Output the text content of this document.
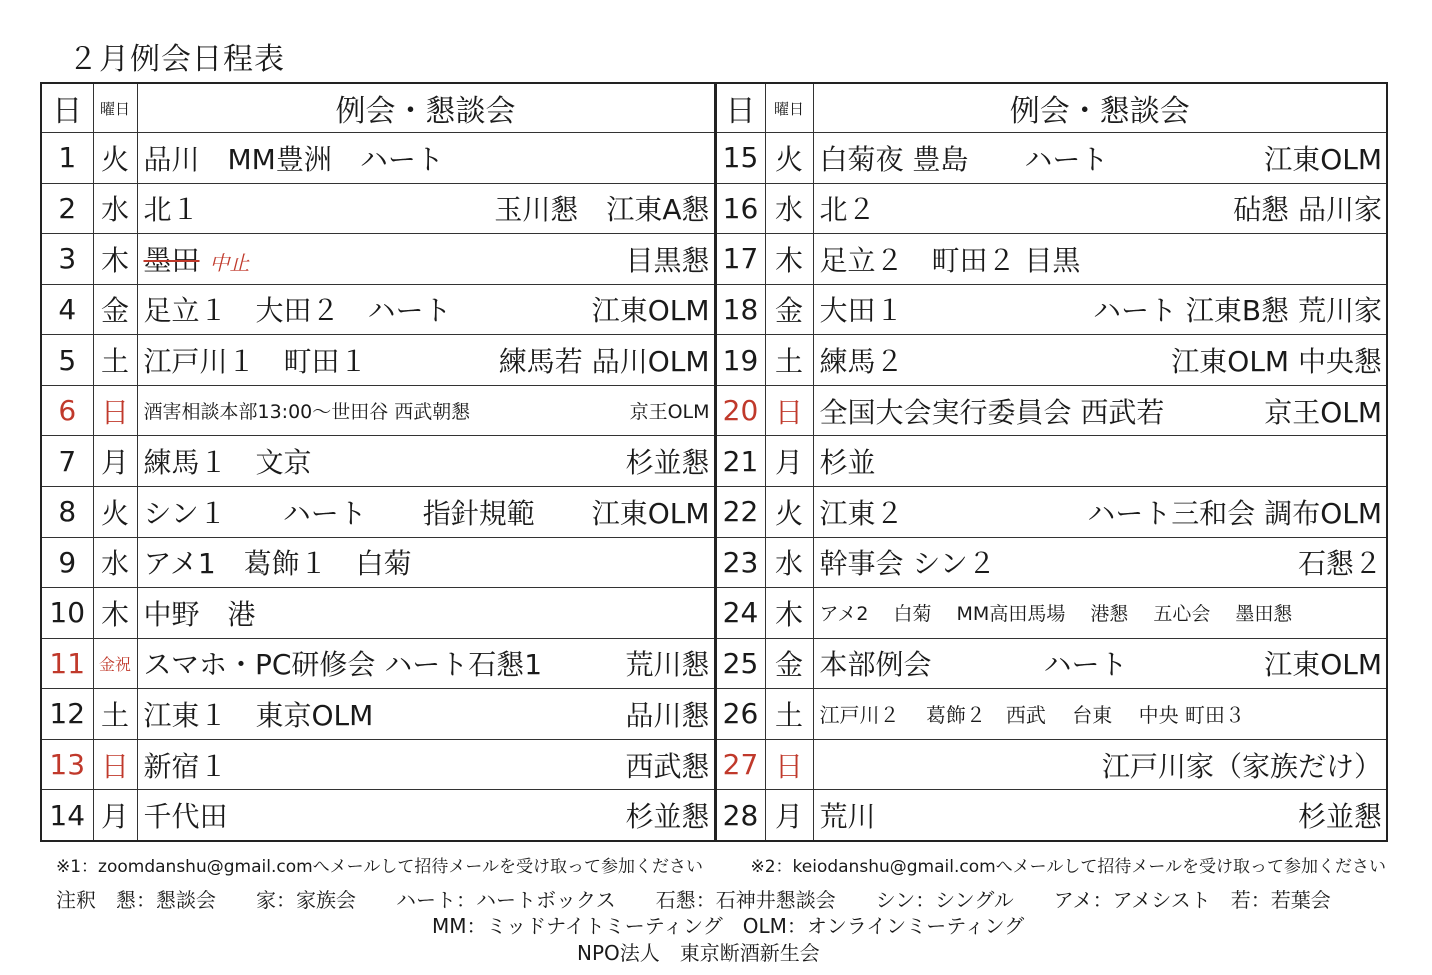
２月例会日程表
日	曜日	例会・懇談会	日	曜日	例会・懇談会
1	火	品川　MM豊洲　ハート	15	火	白菊夜 豊島　　ハート 江東OLM

2	水	北１ 玉川懇　江東A懇	16	水	北２ 砧懇 品川家

3	木	墨田 中止 目黒懇	17	木	足立２　町田２ 目黒

4	金	足立１　大田２　ハート 江東OLM	18	金	大田１ ハート 江東B懇 荒川家

5	土	江戸川１　町田１ 練馬若 品川OLM	19	土	練馬２ 江東OLM 中央懇

6	日	酒害相談本部13:00～世田谷 西武朝懇 京王OLM	20	日	全国大会実行委員会 西武若 京王OLM

7	月	練馬１　文京 杉並懇	21	月	杉並

8	火	シン１　　ハート　　指針規範 江東OLM	22	火	江東２ ハート三和会 調布OLM

9	水	アメ1　葛飾１　白菊	23	水	幹事会 シン２ 石懇２

10	木	中野　港	24	木	アメ2　 白菊　 MM高田馬場　 港懇　 五心会　 墨田懇

11	金祝	スマホ・PC研修会 ハート石懇1 荒川懇	25	金	本部例会　　　　ハート 江東OLM

12	土	江東１　東京OLM 品川懇	26	土	江戸川２　 葛飾２　西武　 台東　 中央 町田３

13	日	新宿１ 西武懇	27	日	江戸川家（家族だけ）

14	月	千代田 杉並懇	28	月	荒川 杉並懇
※1：zoomdanshu@gmail.comへメールして招待メールを受け取って参加ください	※2：keiodanshu@gmail.comへメールして招待メールを受け取って参加ください
注釈　懇：懇談会　　家：家族会　　ハート：ハートボックス　　石懇：石神井懇談会　　シン：シングル　　アメ：アメシスト　若：若葉会
MM：ミッドナイトミーティング　OLM：オンラインミーティング
NPO法人　東京断酒新生会
